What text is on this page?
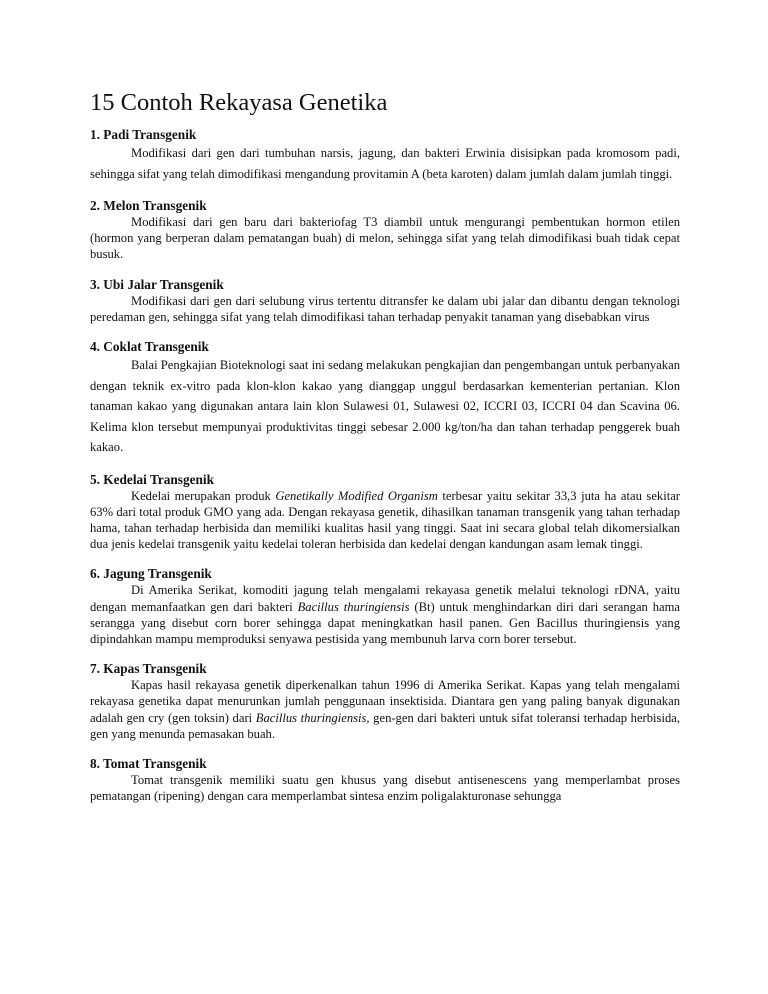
15 Contoh Rekayasa Genetika

1. Padi Transgenik

Modifikasi dari gen dari tumbuhan narsis, jagung, dan bakteri Erwinia disisipkan pada kromosom padi, sehingga sifat yang telah dimodifikasi mengandung provitamin A (beta karoten) dalam jumlah dalam jumlah tinggi.

2. Melon Transgenik

Modifikasi dari gen baru dari bakteriofag T3 diambil untuk mengurangi pembentukan hormon etilen (hormon yang berperan dalam pematangan buah) di melon, sehingga sifat yang telah dimodifikasi buah tidak cepat busuk.

3. Ubi Jalar Transgenik

Modifikasi dari gen dari selubung virus tertentu ditransfer ke dalam ubi jalar dan dibantu dengan teknologi peredaman gen, sehingga sifat yang telah dimodifikasi tahan terhadap penyakit tanaman yang disebabkan virus

4. Coklat Transgenik

Balai Pengkajian Bioteknologi saat ini sedang melakukan pengkajian dan pengembangan untuk perbanyakan dengan teknik ex-vitro pada klon-klon kakao yang dianggap unggul berdasarkan kementerian pertanian. Klon tanaman kakao yang digunakan antara lain klon Sulawesi 01, Sulawesi 02, ICCRI 03, ICCRI 04 dan Scavina 06. Kelima klon tersebut mempunyai produktivitas tinggi sebesar 2.000 kg/ton/ha dan tahan terhadap penggerek buah kakao.

5. Kedelai Transgenik

Kedelai merupakan produk Genetikally Modified Organism terbesar yaitu sekitar 33,3 juta ha atau sekitar 63% dari total produk GMO yang ada. Dengan rekayasa genetik, dihasilkan tanaman transgenik yang tahan terhadap hama, tahan terhadap herbisida dan memiliki kualitas hasil yang tinggi. Saat ini secara global telah dikomersialkan dua jenis kedelai transgenik yaitu kedelai toleran herbisida dan kedelai dengan kandungan asam lemak tinggi.

6. Jagung Transgenik

Di Amerika Serikat, komoditi jagung telah mengalami rekayasa genetik melalui teknologi rDNA, yaitu dengan memanfaatkan gen dari bakteri Bacillus thuringiensis (Bt) untuk menghindarkan diri dari serangan hama serangga yang disebut corn borer sehingga dapat meningkatkan hasil panen. Gen Bacillus thuringiensis yang dipindahkan mampu memproduksi senyawa pestisida yang membunuh larva corn borer tersebut.

7. Kapas Transgenik

Kapas hasil rekayasa genetik diperkenalkan tahun 1996 di Amerika Serikat. Kapas yang telah mengalami rekayasa genetika dapat menurunkan jumlah penggunaan insektisida. Diantara gen yang paling banyak digunakan adalah gen cry (gen toksin) dari Bacillus thuringiensis, gen-gen dari bakteri untuk sifat toleransi terhadap herbisida, gen yang menunda pemasakan buah.

8. Tomat Transgenik

Tomat transgenik memiliki suatu gen khusus yang disebut antisenescens yang memperlambat proses pematangan (ripening) dengan cara memperlambat sintesa enzim poligalakturonase sehungga
